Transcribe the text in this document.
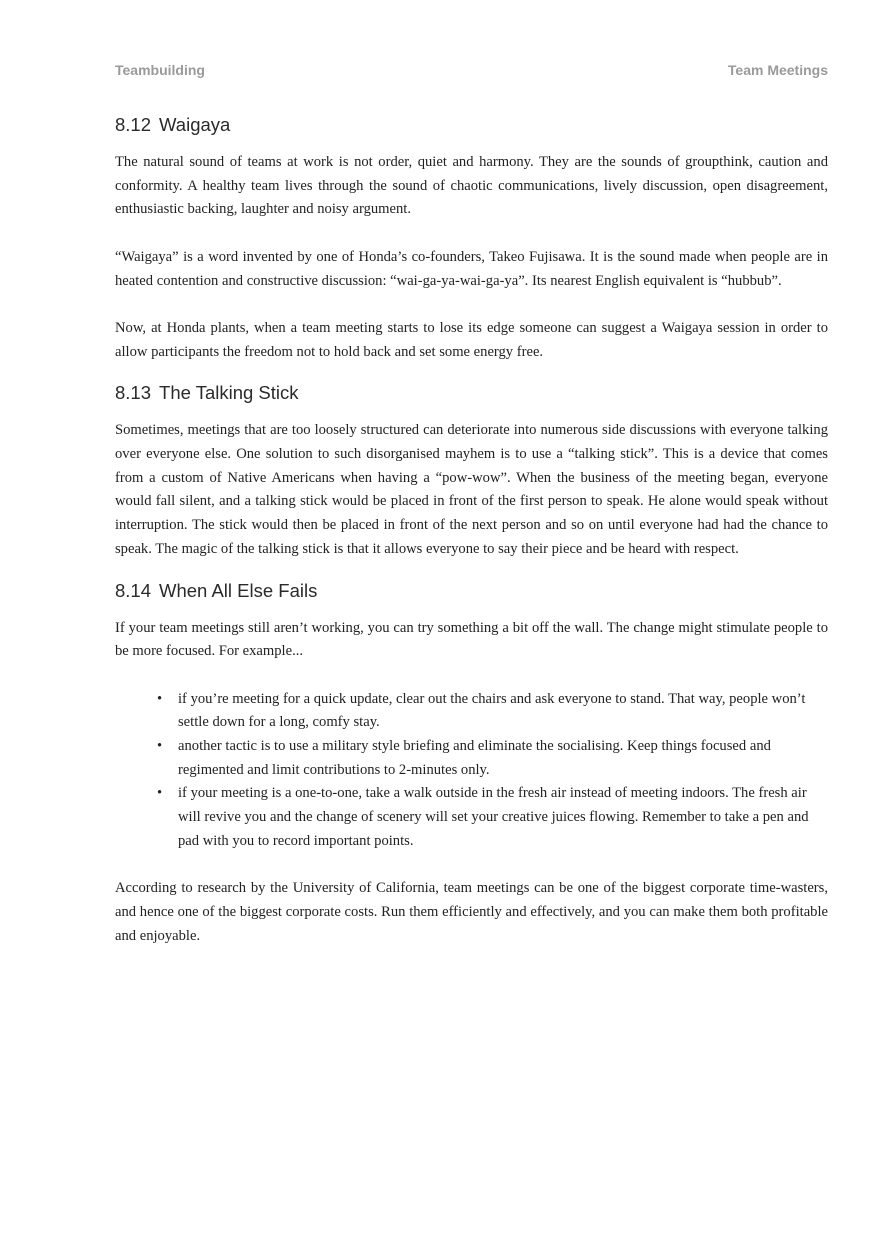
Teambuilding	Team Meetings
8.12 Waigaya

The natural sound of teams at work is not order, quiet and harmony. They are the sounds of groupthink, caution and conformity. A healthy team lives through the sound of chaotic communications, lively discussion, open disagreement, enthusiastic backing, laughter and noisy argument.

“Waigaya” is a word invented by one of Honda’s co-founders, Takeo Fujisawa. It is the sound made when people are in heated contention and constructive discussion: “wai-ga-ya-wai-ga-ya”. Its nearest English equivalent is “hubbub”.

Now, at Honda plants, when a team meeting starts to lose its edge someone can suggest a Waigaya session in order to allow participants the freedom not to hold back and set some energy free.

8.13 The Talking Stick

Sometimes, meetings that are too loosely structured can deteriorate into numerous side discussions with everyone talking over everyone else. One solution to such disorganised mayhem is to use a “talking stick”. This is a device that comes from a custom of Native Americans when having a “pow-wow”. When the business of the meeting began, everyone would fall silent, and a talking stick would be placed in front of the first person to speak. He alone would speak without interruption. The stick would then be placed in front of the next person and so on until everyone had had the chance to speak. The magic of the talking stick is that it allows everyone to say their piece and be heard with respect.

8.14 When All Else Fails

If your team meetings still aren’t working, you can try something a bit off the wall. The change might stimulate people to be more focused. For example...

• if you’re meeting for a quick update, clear out the chairs and ask everyone to stand. That way, people won’t settle down for a long, comfy stay.
• another tactic is to use a military style briefing and eliminate the socialising. Keep things focused and regimented and limit contributions to 2-minutes only.
• if your meeting is a one-to-one, take a walk outside in the fresh air instead of meeting indoors. The fresh air will revive you and the change of scenery will set your creative juices flowing. Remember to take a pen and pad with you to record important points.

According to research by the University of California, team meetings can be one of the biggest corporate time-wasters, and hence one of the biggest corporate costs. Run them efficiently and effectively, and you can make them both profitable and enjoyable.
